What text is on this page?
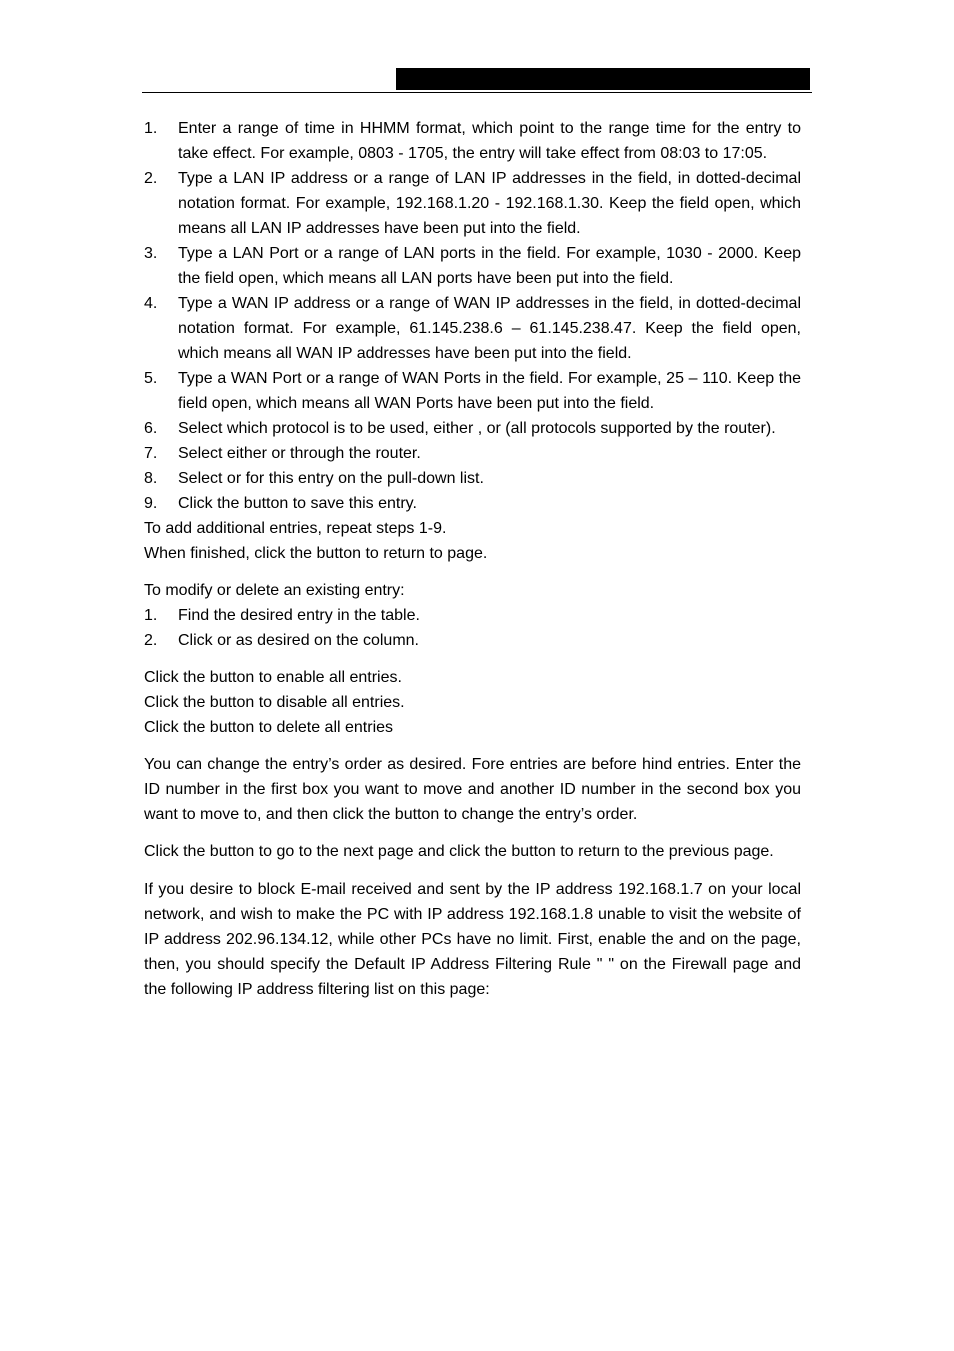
1. Enter a range of time in HHMM format, which point to the range time for the entry to take effect. For example, 0803 - 1705, the entry will take effect from 08:03 to 17:05.
2. Type a LAN IP address or a range of LAN IP addresses in the field, in dotted-decimal notation format. For example, 192.168.1.20 - 192.168.1.30. Keep the field open, which means all LAN IP addresses have been put into the field.
3. Type a LAN Port or a range of LAN ports in the field. For example, 1030 - 2000. Keep the field open, which means all LAN ports have been put into the field.
4. Type a WAN IP address or a range of WAN IP addresses in the field, in dotted-decimal notation format. For example, 61.145.238.6 – 61.145.238.47. Keep the field open, which means all WAN IP addresses have been put into the field.
5. Type a WAN Port or a range of WAN Ports in the field. For example, 25 – 110. Keep the field open, which means all WAN Ports have been put into the field.
6. Select which protocol is to be used, either , or (all protocols supported by the router).
7. Select either or through the router.
8. Select or for this entry on the pull-down list.
9. Click the button to save this entry.
To add additional entries, repeat steps 1-9.
When finished, click the button to return to page.
To modify or delete an existing entry:
1. Find the desired entry in the table.
2. Click or as desired on the column.
Click the button to enable all entries.
Click the button to disable all entries.
Click the button to delete all entries
You can change the entry’s order as desired. Fore entries are before hind entries. Enter the ID number in the first box you want to move and another ID number in the second box you want to move to, and then click the button to change the entry’s order.
Click the button to go to the next page and click the button to return to the previous page.
If you desire to block E-mail received and sent by the IP address 192.168.1.7 on your local network, and wish to make the PC with IP address 192.168.1.8 unable to visit the website of IP address 202.96.134.12, while other PCs have no limit. First, enable the and on the page, then, you should specify the Default IP Address Filtering Rule " " on the Firewall page and the following IP address filtering list on this page:
